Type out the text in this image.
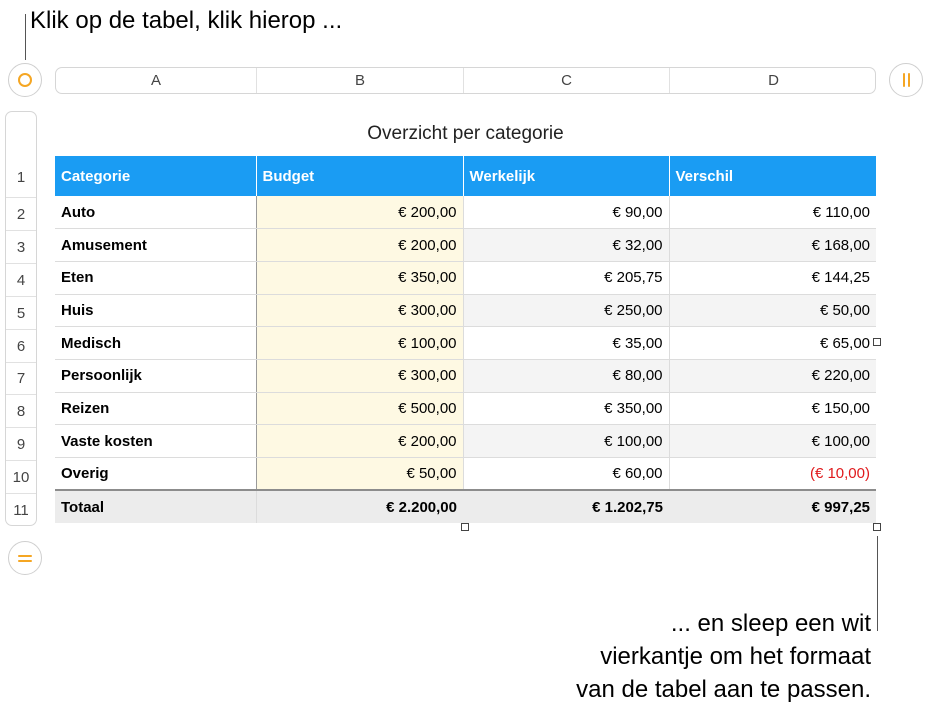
Klik op de tabel, klik hierop ...
A	B	C	D
1
2
3
4
5
6
7
8
9
10
11
Overzicht per categorie
Categorie	Budget	Werkelijk	Verschil
Auto	€ 200,00	€ 90,00	€ 110,00
Amusement	€ 200,00	€ 32,00	€ 168,00
Eten	€ 350,00	€ 205,75	€ 144,25
Huis	€ 300,00	€ 250,00	€ 50,00
Medisch	€ 100,00	€ 35,00	€ 65,00
Persoonlijk	€ 300,00	€ 80,00	€ 220,00
Reizen	€ 500,00	€ 350,00	€ 150,00
Vaste kosten	€ 200,00	€ 100,00	€ 100,00
Overig	€ 50,00	€ 60,00	(€ 10,00)
Totaal	€ 2.200,00	€ 1.202,75	€ 997,25
... en sleep een wit
vierkantje om het formaat
van de tabel aan te passen.
